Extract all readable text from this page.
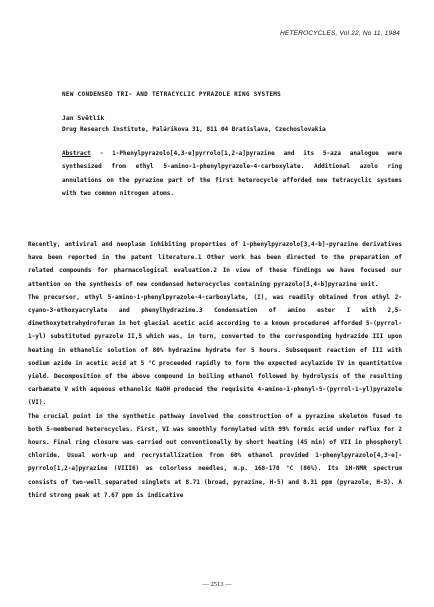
HETEROCYCLES, Vol 22, No 11, 1984
NEW CONDENSED TRI- AND TETRACYCLIC PYRAZOLE RING SYSTEMS
Jan Světlík
Drug Research Institute, Palárikova 31, 811 04 Bratislava, Czechoslovakia

Abstract - 1-Phenylpyrazolo[4,3-e]pyrrolo[1,2-a]pyrazine and its 5-aza analogue were synthesized from ethyl 5-amino-1-phenylpyrazole-4-carboxylate. Additional azolo ring annulations on the pyrazine part of the first heterocycle afforded new tetracyclic systems with two common nitrogen atoms.

Recently, antiviral and neoplasm inhibiting properties of 1-phenylpyrazolo[3,4-b]-pyrazine derivatives have been reported in the patent literature.1 Other work has been directed to the preparation of related compounds for pharmacological evaluation.2 In view of these findings we have focused our attention on the synthesis of new condensed heterocycles containing pyrazolo[3,4-b]pyrazine unit.

The precursor, ethyl 5-amino-1-phenylpyrazole-4-carboxylate, (I), was readily obtained from ethyl 2-cyano-3-ethoxyacrylate and phenylhydrazine.3 Condensation of amino ester I with 2,5-dimethoxytetrahydrofuran in hot glacial acetic acid according to a known procedure4 afforded 5-(pyrrol-1-yl) substituted pyrazole II,5 which was, in turn, converted to the corresponding hydrazide III upon heating in ethanolic solution of 80% hydrazine hydrate for 5 hours. Subsequent reaction of III with sodium azide in acetic acid at 5 °C proceeded rapidly to form the expected acylazide IV in quantitative yield. Decomposition of the above compound in boiling ethanol followed by hydrolysis of the resulting carbamate V with aqueous ethanolic NaOH produced the requisite 4-amino-1-phenyl-5-(pyrrol-1-yl)pyrazole (VI).

The crucial point in the synthetic pathway involved the construction of a pyrazine skeleton fused to both 5-membered heterocycles. First, VI was smoothly formylated with 99% formic acid under reflux for 2 hours. Final ring closure was carried out conventionally by short heating (45 min) of VII in phosphoryl chloride. Usual work-up and recrystallization from 60% ethanol provided 1-phenylpyrazolo[4,3-e]-pyrrolo[1,2-a]pyrazine (VIII6) as colorless needles, m.p. 168-170 °C (86%). Its 1H-NMR spectrum consists of two-well separated singlets at 8.71 (broad, pyrazine, H-5) and 8.31 ppm (pyrazole, H-3). A third strong peak at 7.67 ppm is indicative

— 2513 —
